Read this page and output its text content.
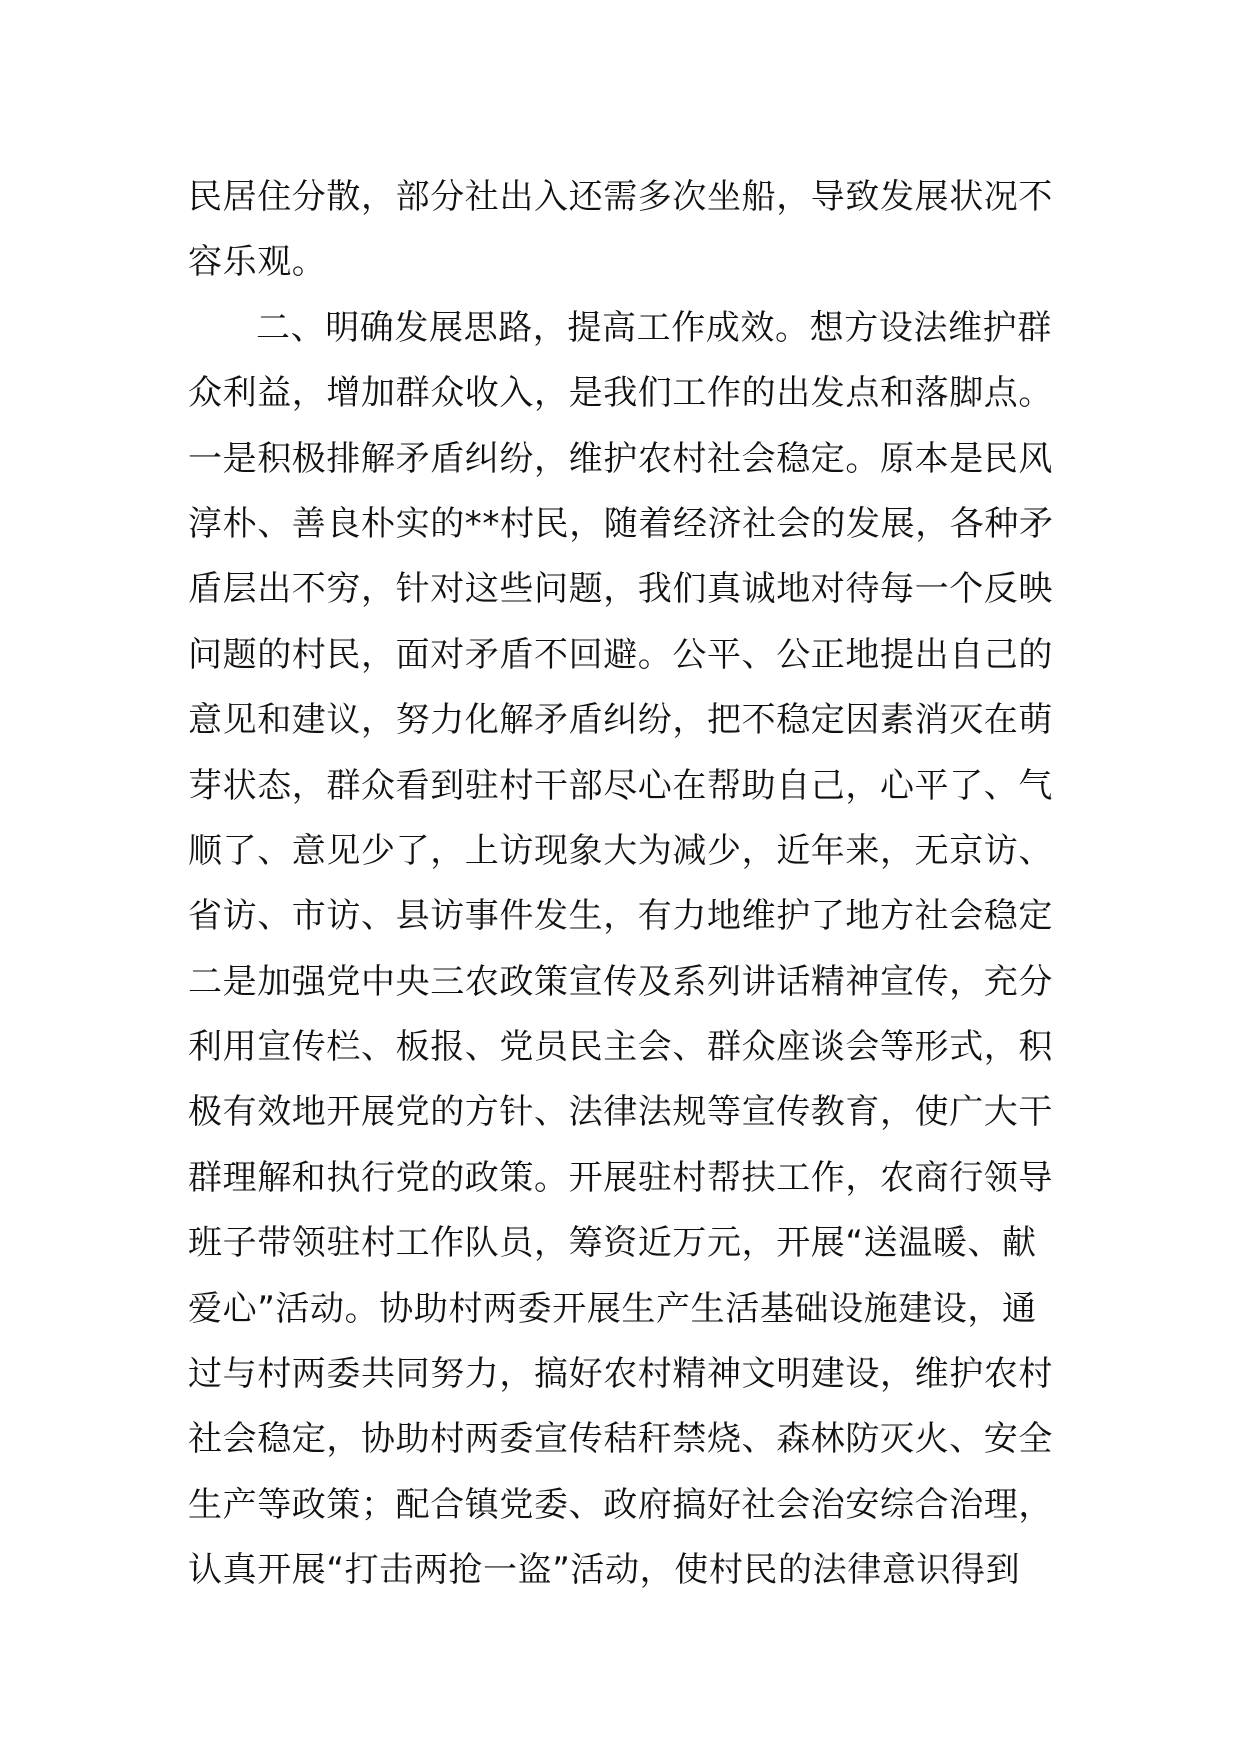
民居住分散，部分社出入还需多次坐船，导致发展状况不
容乐观。
二、明确发展思路，提高工作成效。想方设法维护群
众利益，增加群众收入，是我们工作的出发点和落脚点。
一是积极排解矛盾纠纷，维护农村社会稳定。原本是民风
淳朴、善良朴实的**村民，随着经济社会的发展，各种矛
盾层出不穷，针对这些问题，我们真诚地对待每一个反映
问题的村民，面对矛盾不回避。公平、公正地提出自己的
意见和建议，努力化解矛盾纠纷，把不稳定因素消灭在萌
芽状态，群众看到驻村干部尽心在帮助自己，心平了、气
顺了、意见少了，上访现象大为减少，近年来，无京访、
省访、市访、县访事件发生，有力地维护了地方社会稳定
二是加强党中央三农政策宣传及系列讲话精神宣传，充分
利用宣传栏、板报、党员民主会、群众座谈会等形式，积
极有效地开展党的方针、法律法规等宣传教育，使广大干
群理解和执行党的政策。开展驻村帮扶工作，农商行领导
班子带领驻村工作队员，筹资近万元，开展“送温暖、献
爱心”活动。协助村两委开展生产生活基础设施建设，通
过与村两委共同努力，搞好农村精神文明建设，维护农村
社会稳定，协助村两委宣传秸秆禁烧、森林防灭火、安全
生产等政策；配合镇党委、政府搞好社会治安综合治理，
认真开展“打击两抢一盗”活动，使村民的法律意识得到
